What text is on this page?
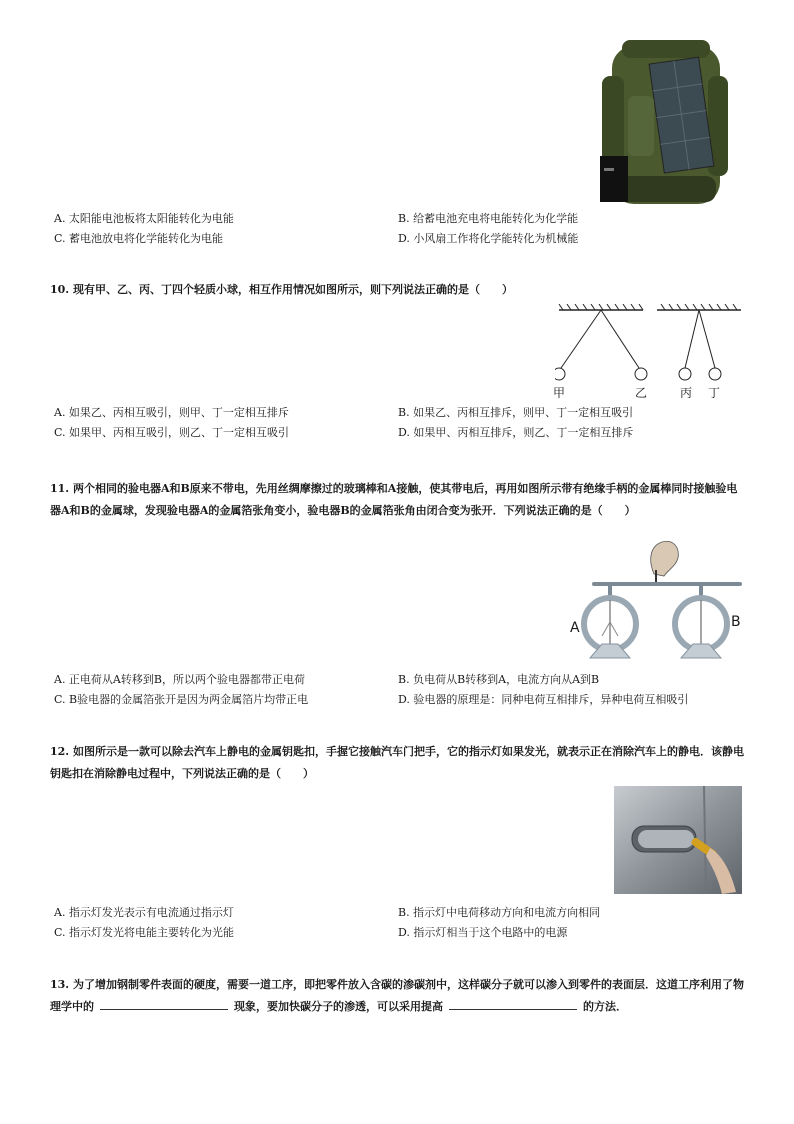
A. 太阳能电池板将太阳能转化为电能	B. 给蓄电池充电将电能转化为化学能
C. 蓄电池放电将化学能转化为电能	D. 小风扇工作将化学能转化为机械能
10. 现有甲、乙、丙、丁四个轻质小球，相互作用情况如图所示，则下列说法正确的是（　　）
甲	乙	丙 丁
A. 如果乙、丙相互吸引，则甲、丁一定相互排斥	B. 如果乙、丙相互排斥，则甲、丁一定相互吸引
C. 如果甲、丙相互吸引，则乙、丁一定相互吸引	D. 如果甲、丙相互排斥，则乙、丁一定相互排斥
11. 两个相同的验电器A和B原来不带电，先用丝绸摩擦过的玻璃棒和A接触，使其带电后，再用如图所示带有绝缘手柄的金属棒同时接触验电器A和B的金属球，发现验电器A的金属箔张角变小，验电器B的金属箔张角由闭合变为张开．下列说法正确的是（　　）
A	B
A. 正电荷从A转移到B，所以两个验电器都带正电荷	B. 负电荷从B转移到A，电流方向从A到B
C. B验电器的金属箔张开是因为两金属箔片均带正电	D. 验电器的原理是：同种电荷互相排斥，异种电荷互相吸引
12. 如图所示是一款可以除去汽车上静电的金属钥匙扣，手握它接触汽车门把手，它的指示灯如果发光，就表示正在消除汽车上的静电．该静电钥匙扣在消除静电过程中，下列说法正确的是（　　）
A. 指示灯发光表示有电流通过指示灯	B. 指示灯中电荷移动方向和电流方向相同
C. 指示灯发光将电能主要转化为光能	D. 指示灯相当于这个电路中的电源
13. 为了增加钢制零件表面的硬度，需要一道工序，即把零件放入含碳的渗碳剂中，这样碳分子就可以渗入到零件的表面层．这道工序利用了物理学中的	现象，要加快碳分子的渗透，可以采用提高	的方法．
